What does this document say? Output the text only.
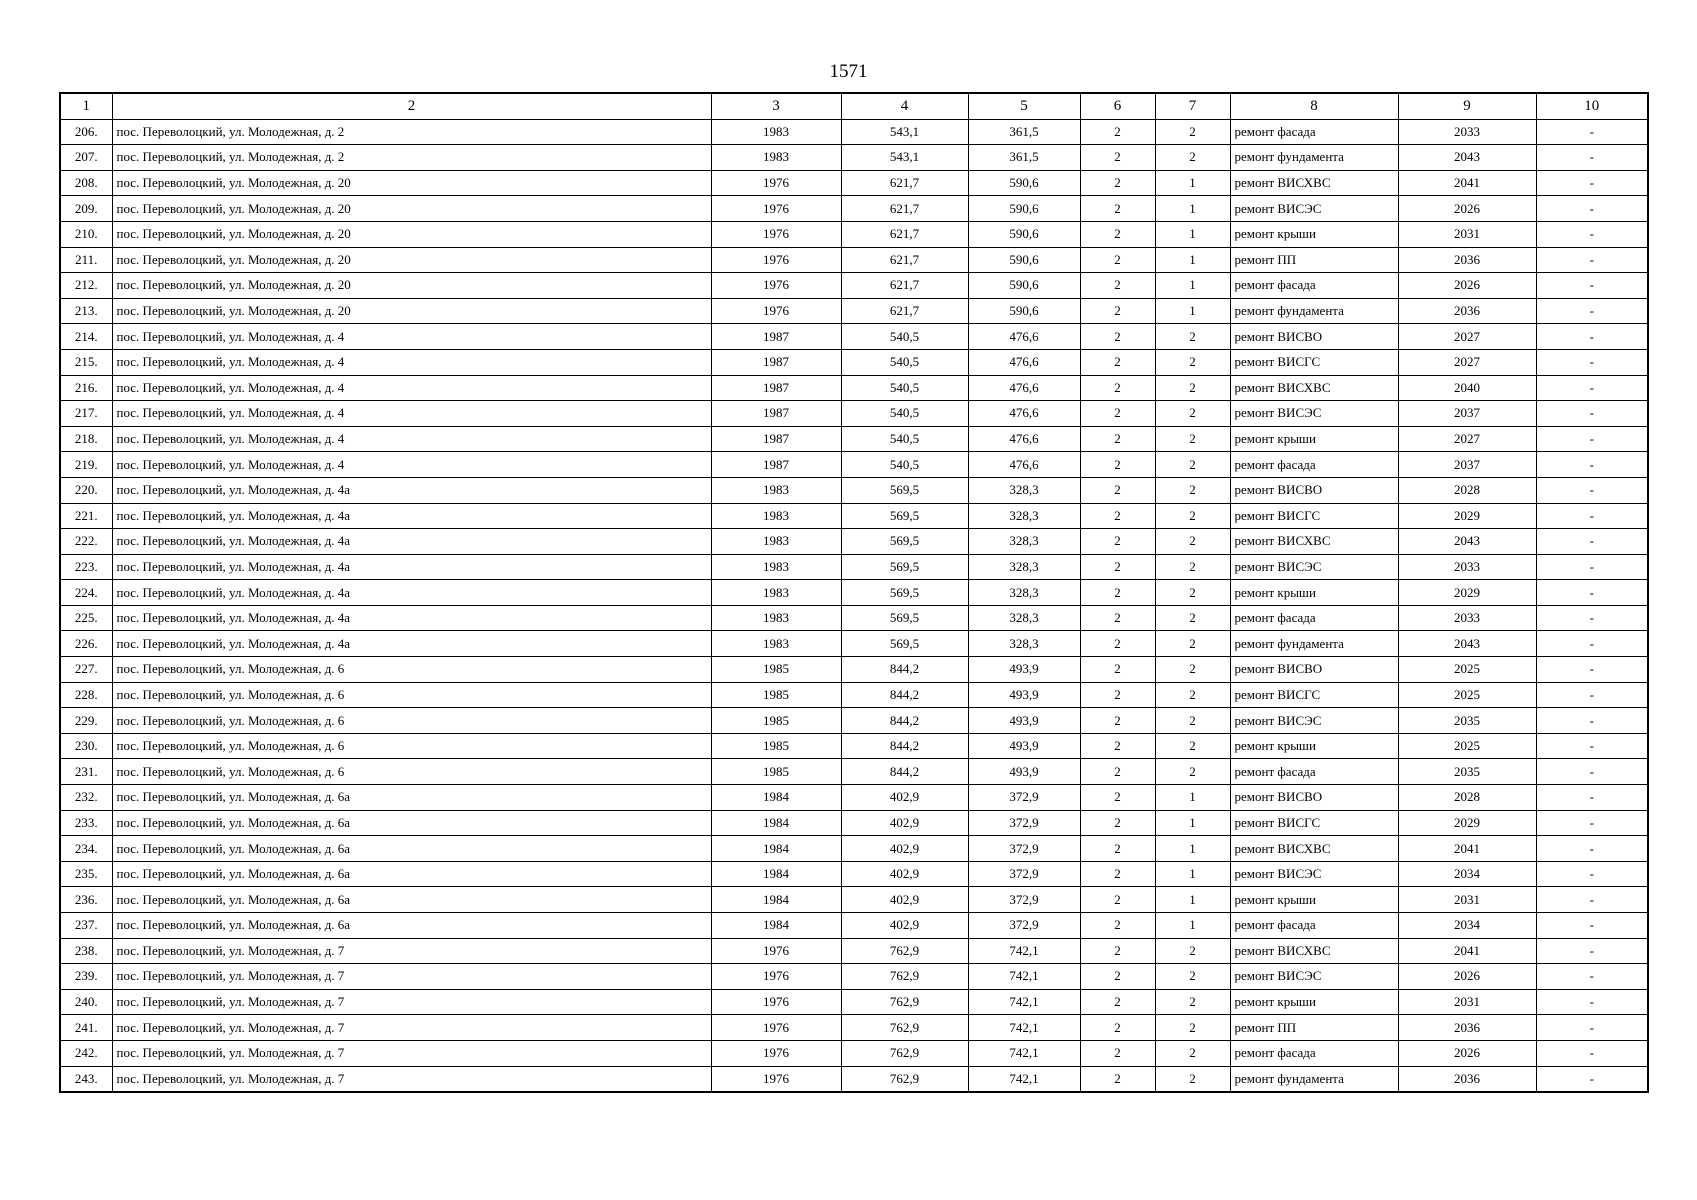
1571
1	2	3	4	5	6	7	8	9	10
206.	пос. Переволоцкий, ул. Молодежная, д. 2	1983	543,1	361,5	2	2	ремонт фасада	2033	-
207.	пос. Переволоцкий, ул. Молодежная, д. 2	1983	543,1	361,5	2	2	ремонт фундамента	2043	-
208.	пос. Переволоцкий, ул. Молодежная, д. 20	1976	621,7	590,6	2	1	ремонт ВИСХВС	2041	-
209.	пос. Переволоцкий, ул. Молодежная, д. 20	1976	621,7	590,6	2	1	ремонт ВИСЭС	2026	-
210.	пос. Переволоцкий, ул. Молодежная, д. 20	1976	621,7	590,6	2	1	ремонт крыши	2031	-
211.	пос. Переволоцкий, ул. Молодежная, д. 20	1976	621,7	590,6	2	1	ремонт ПП	2036	-
212.	пос. Переволоцкий, ул. Молодежная, д. 20	1976	621,7	590,6	2	1	ремонт фасада	2026	-
213.	пос. Переволоцкий, ул. Молодежная, д. 20	1976	621,7	590,6	2	1	ремонт фундамента	2036	-
214.	пос. Переволоцкий, ул. Молодежная, д. 4	1987	540,5	476,6	2	2	ремонт ВИСВО	2027	-
215.	пос. Переволоцкий, ул. Молодежная, д. 4	1987	540,5	476,6	2	2	ремонт ВИСГС	2027	-
216.	пос. Переволоцкий, ул. Молодежная, д. 4	1987	540,5	476,6	2	2	ремонт ВИСХВС	2040	-
217.	пос. Переволоцкий, ул. Молодежная, д. 4	1987	540,5	476,6	2	2	ремонт ВИСЭС	2037	-
218.	пос. Переволоцкий, ул. Молодежная, д. 4	1987	540,5	476,6	2	2	ремонт крыши	2027	-
219.	пос. Переволоцкий, ул. Молодежная, д. 4	1987	540,5	476,6	2	2	ремонт фасада	2037	-
220.	пос. Переволоцкий, ул. Молодежная, д. 4а	1983	569,5	328,3	2	2	ремонт ВИСВО	2028	-
221.	пос. Переволоцкий, ул. Молодежная, д. 4а	1983	569,5	328,3	2	2	ремонт ВИСГС	2029	-
222.	пос. Переволоцкий, ул. Молодежная, д. 4а	1983	569,5	328,3	2	2	ремонт ВИСХВС	2043	-
223.	пос. Переволоцкий, ул. Молодежная, д. 4а	1983	569,5	328,3	2	2	ремонт ВИСЭС	2033	-
224.	пос. Переволоцкий, ул. Молодежная, д. 4а	1983	569,5	328,3	2	2	ремонт крыши	2029	-
225.	пос. Переволоцкий, ул. Молодежная, д. 4а	1983	569,5	328,3	2	2	ремонт фасада	2033	-
226.	пос. Переволоцкий, ул. Молодежная, д. 4а	1983	569,5	328,3	2	2	ремонт фундамента	2043	-
227.	пос. Переволоцкий, ул. Молодежная, д. 6	1985	844,2	493,9	2	2	ремонт ВИСВО	2025	-
228.	пос. Переволоцкий, ул. Молодежная, д. 6	1985	844,2	493,9	2	2	ремонт ВИСГС	2025	-
229.	пос. Переволоцкий, ул. Молодежная, д. 6	1985	844,2	493,9	2	2	ремонт ВИСЭС	2035	-
230.	пос. Переволоцкий, ул. Молодежная, д. 6	1985	844,2	493,9	2	2	ремонт крыши	2025	-
231.	пос. Переволоцкий, ул. Молодежная, д. 6	1985	844,2	493,9	2	2	ремонт фасада	2035	-
232.	пос. Переволоцкий, ул. Молодежная, д. 6а	1984	402,9	372,9	2	1	ремонт ВИСВО	2028	-
233.	пос. Переволоцкий, ул. Молодежная, д. 6а	1984	402,9	372,9	2	1	ремонт ВИСГС	2029	-
234.	пос. Переволоцкий, ул. Молодежная, д. 6а	1984	402,9	372,9	2	1	ремонт ВИСХВС	2041	-
235.	пос. Переволоцкий, ул. Молодежная, д. 6а	1984	402,9	372,9	2	1	ремонт ВИСЭС	2034	-
236.	пос. Переволоцкий, ул. Молодежная, д. 6а	1984	402,9	372,9	2	1	ремонт крыши	2031	-
237.	пос. Переволоцкий, ул. Молодежная, д. 6а	1984	402,9	372,9	2	1	ремонт фасада	2034	-
238.	пос. Переволоцкий, ул. Молодежная, д. 7	1976	762,9	742,1	2	2	ремонт ВИСХВС	2041	-
239.	пос. Переволоцкий, ул. Молодежная, д. 7	1976	762,9	742,1	2	2	ремонт ВИСЭС	2026	-
240.	пос. Переволоцкий, ул. Молодежная, д. 7	1976	762,9	742,1	2	2	ремонт крыши	2031	-
241.	пос. Переволоцкий, ул. Молодежная, д. 7	1976	762,9	742,1	2	2	ремонт ПП	2036	-
242.	пос. Переволоцкий, ул. Молодежная, д. 7	1976	762,9	742,1	2	2	ремонт фасада	2026	-
243.	пос. Переволоцкий, ул. Молодежная, д. 7	1976	762,9	742,1	2	2	ремонт фундамента	2036	-
